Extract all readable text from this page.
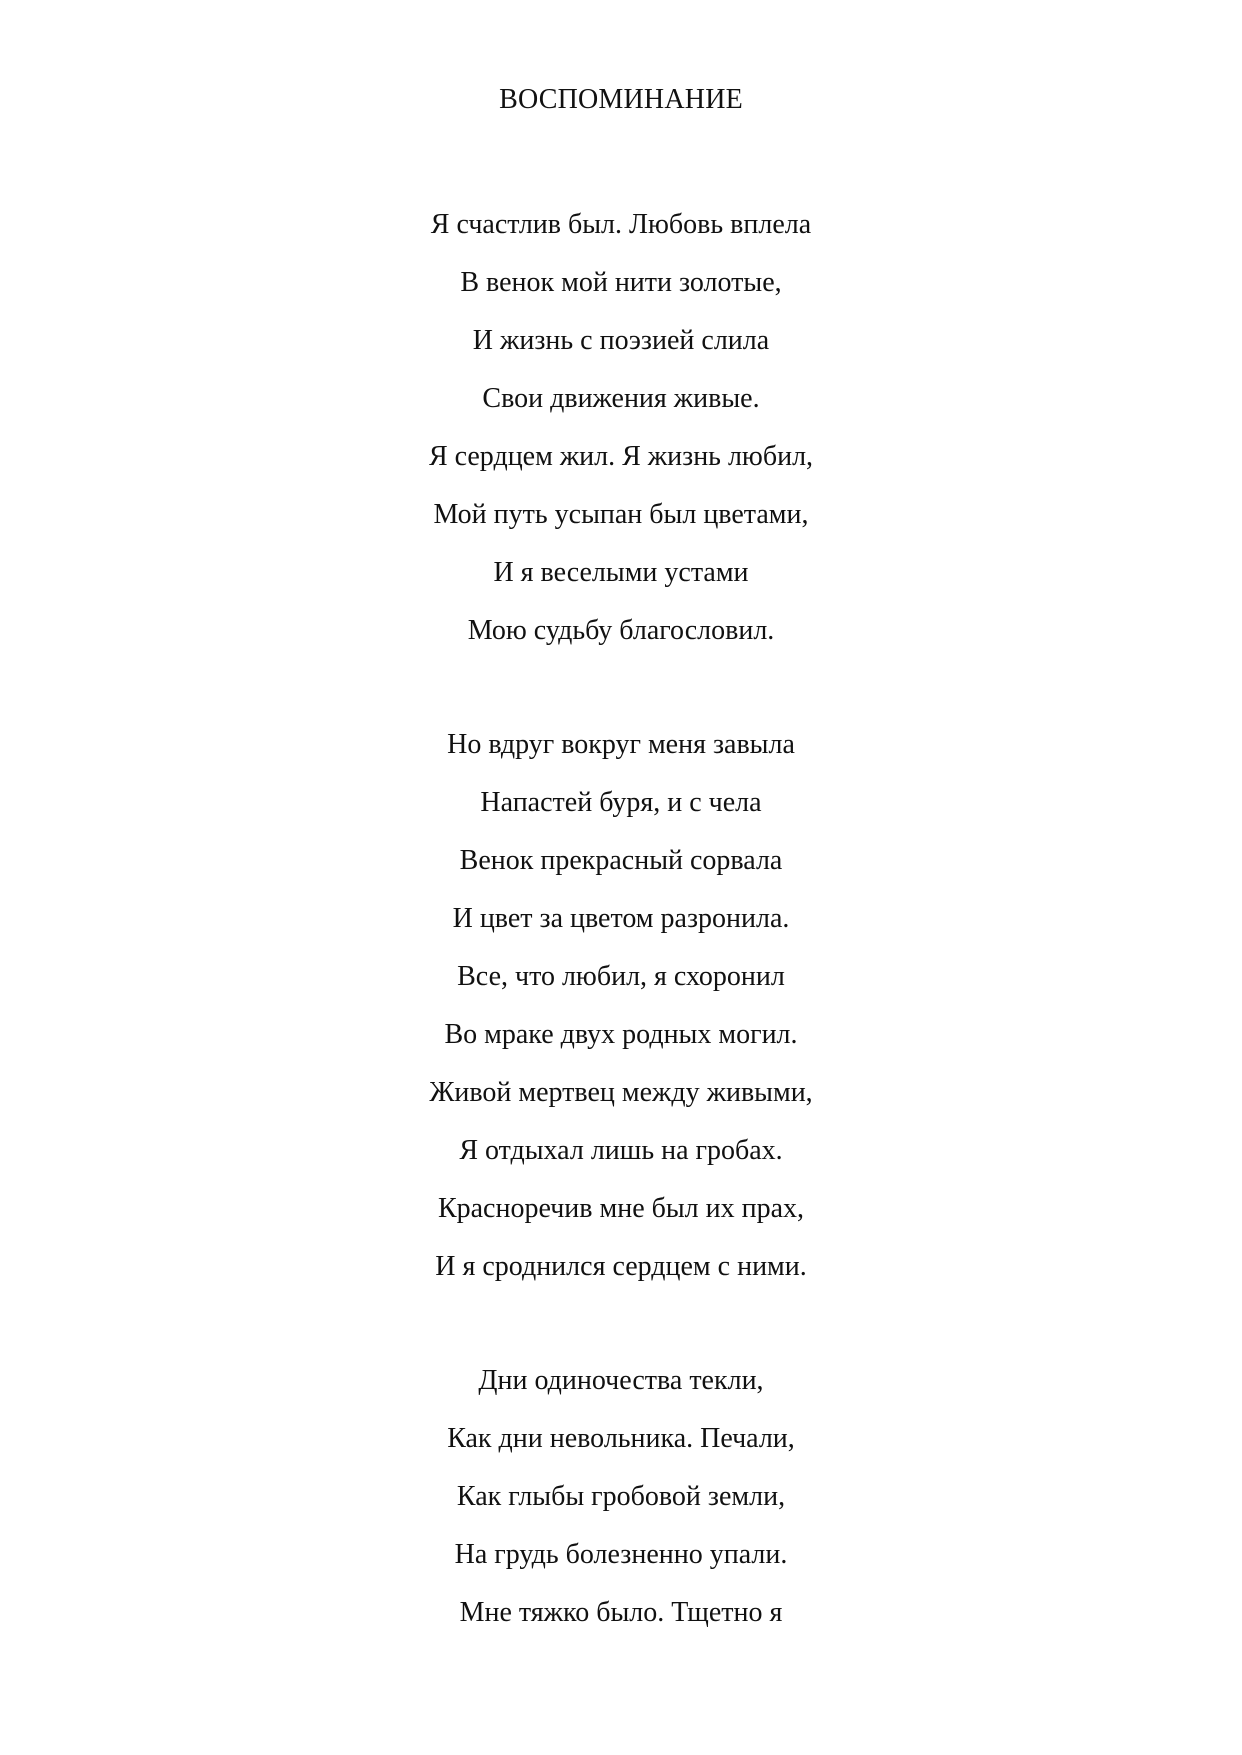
ВОСПОМИНАНИЕ
Я счастлив был. Любовь вплела
В венок мой нити золотые,
И жизнь с поэзией слила
Свои движения живые.
Я сердцем жил. Я жизнь любил,
Мой путь усыпан был цветами,
И я веселыми устами
Мою судьбу благословил.
Но вдруг вокруг меня завыла
Напастей буря, и с чела
Венок прекрасный сорвала
И цвет за цветом разронила.
Все, что любил, я схоронил
Во мраке двух родных могил.
Живой мертвец между живыми,
Я отдыхал лишь на гробах.
Красноречив мне был их прах,
И я сроднился сердцем с ними.
Дни одиночества текли,
Как дни невольника. Печали,
Как глыбы гробовой земли,
На грудь болезненно упали.
Мне тяжко было. Тщетно я
